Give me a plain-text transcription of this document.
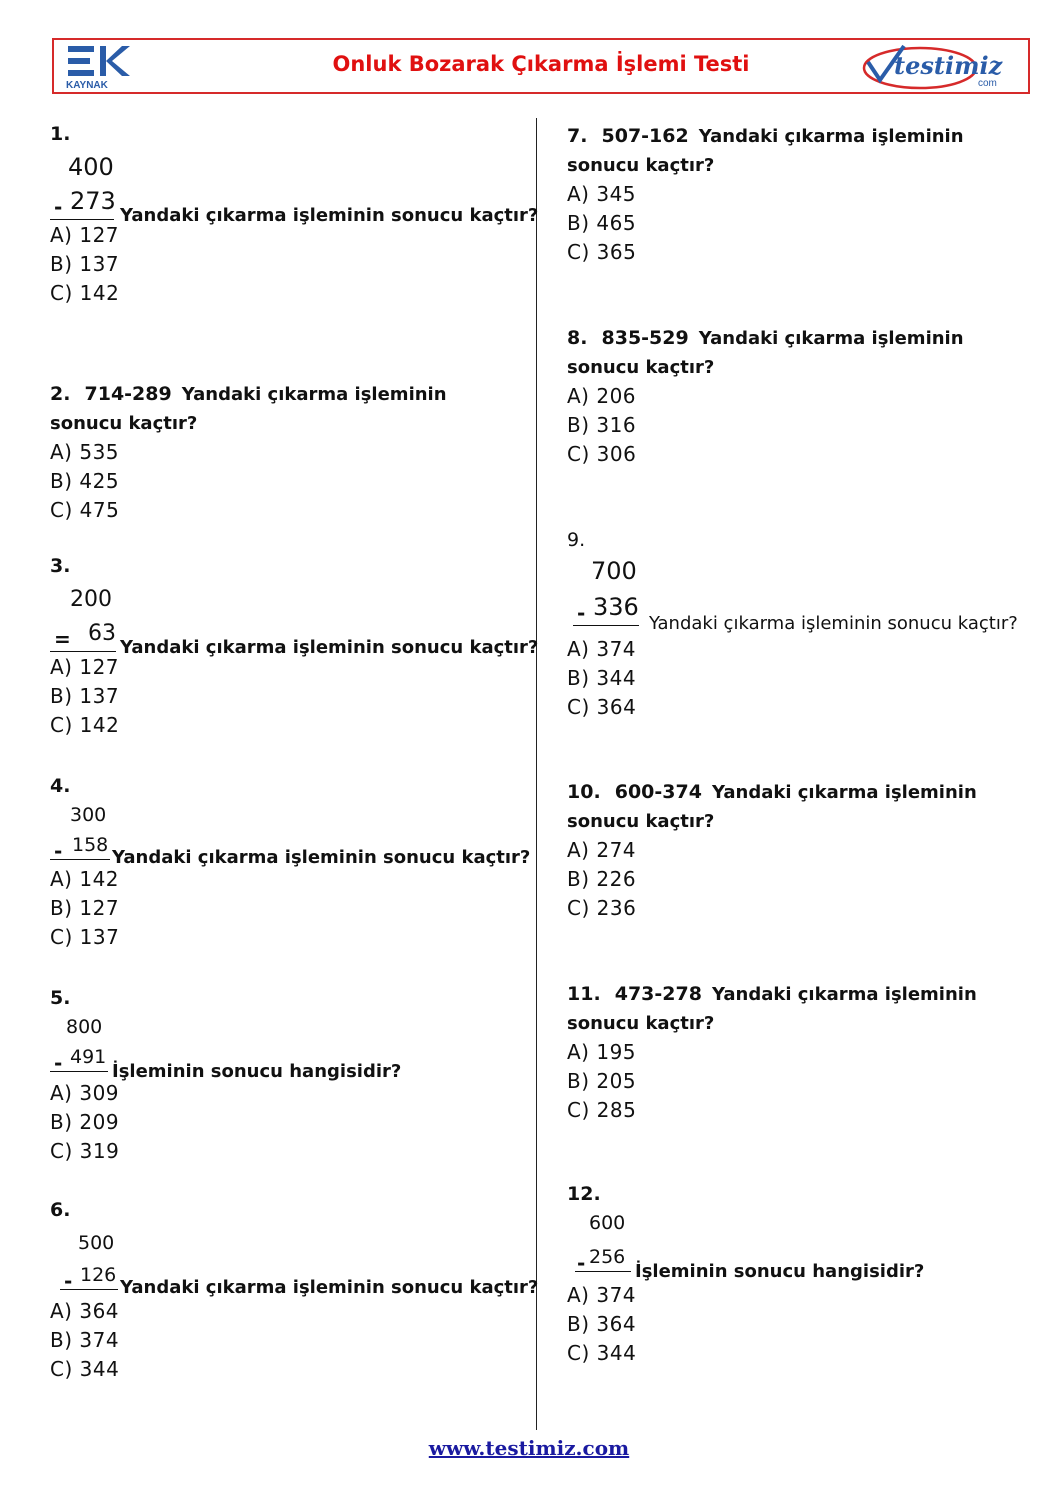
KAYNAK
Onluk Bozarak Çıkarma İşlemi Testi	testimiz
com
1.
400
- 273
Yandaki çıkarma işleminin sonucu kaçtır?
A) 127
B) 137
C) 142
2. 714-289 Yandaki çıkarma işleminin sonucu kaçtır?
A) 535
B) 425
C) 475
3.
200
= 63
Yandaki çıkarma işleminin sonucu kaçtır?
A) 127
B) 137
C) 142
4.
300
- 158
Yandaki çıkarma işleminin sonucu kaçtır?
A) 142
B) 127
C) 137
5.
800
- 491
İşleminin sonucu hangisidir?
A) 309
B) 209
C) 319
6.
500
- 126
Yandaki çıkarma işleminin sonucu kaçtır?
A) 364
B) 374
C) 344
7. 507-162 Yandaki çıkarma işleminin sonucu kaçtır?
A) 345
B) 465
C) 365
8. 835-529 Yandaki çıkarma işleminin sonucu kaçtır?
A) 206
B) 316
C) 306
9.
700
- 336
Yandaki çıkarma işleminin sonucu kaçtır?
A) 374
B) 344
C) 364
10. 600-374 Yandaki çıkarma işleminin sonucu kaçtır?
A) 274
B) 226
C) 236
11. 473-278 Yandaki çıkarma işleminin sonucu kaçtır?
A) 195
B) 205
C) 285
12.
600
- 256
İşleminin sonucu hangisidir?
A) 374
B) 364
C) 344
www.testimiz.com
